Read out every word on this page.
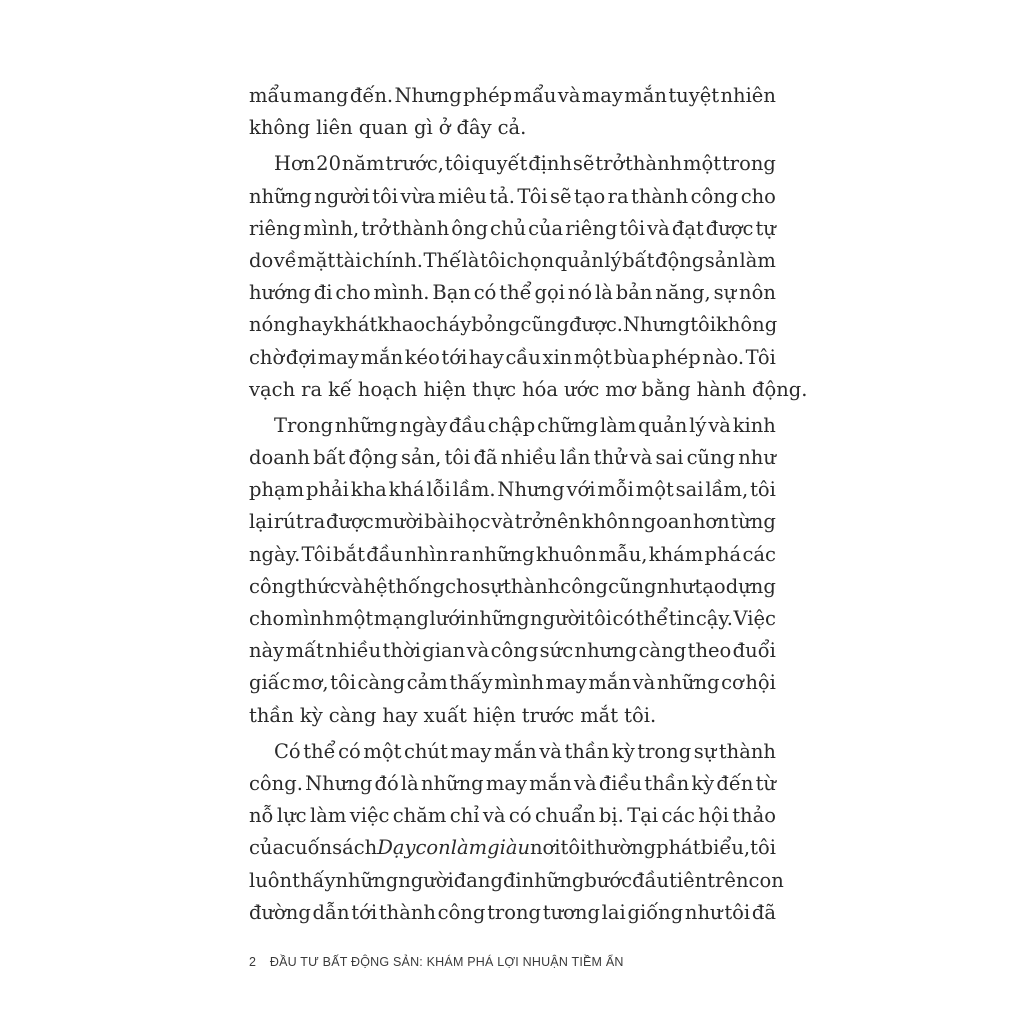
mẩu mang đến. Nhưng phép mẩu và may mắn tuyệt nhiên
không liên quan gì ở đây cả.
Hơn 20 năm trước, tôi quyết định sẽ trở thành một trong
những người tôi vừa miêu tả. Tôi sẽ tạo ra thành công cho
riêng mình, trở thành ông chủ của riêng tôi và đạt được tự
do về mặt tài chính. Thế là tôi chọn quản lý bất động sản làm
hướng đi cho mình. Bạn có thể gọi nó là bản năng, sự nôn
nóng hay khát khao cháy bỏng cũng được. Nhưng tôi không
chờ đợi may mắn kéo tới hay cầu xin một bùa phép nào. Tôi
vạch ra kế hoạch hiện thực hóa ước mơ bằng hành động.
Trong những ngày đầu chập chững làm quản lý và kinh
doanh bất động sản, tôi đã nhiều lần thử và sai cũng như
phạm phải kha khá lỗi lầm. Nhưng với mỗi một sai lầm, tôi
lại rút ra được mười bài học và trở nên khôn ngoan hơn từng
ngày. Tôi bắt đầu nhìn ra những khuôn mẫu, khám phá các
công thức và hệ thống cho sự thành công cũng như tạo dựng
cho mình một mạng lưới những người tôi có thể tin cậy. Việc
này mất nhiều thời gian và công sức nhưng càng theo đuổi
giấc mơ, tôi càng cảm thấy mình may mắn và những cơ hội
thần kỳ càng hay xuất hiện trước mắt tôi.
Có thể có một chút may mắn và thần kỳ trong sự thành
công. Nhưng đó là những may mắn và điều thần kỳ đến từ
nỗ lực làm việc chăm chỉ và có chuẩn bị. Tại các hội thảo
của cuốn sách Dạy con làm giàu nơi tôi thường phát biểu, tôi
luôn thấy những người đang đi những bước đầu tiên trên con
đường dẫn tới thành công trong tương lai giống như tôi đã
2 ĐẦU TƯ BẤT ĐỘNG SẢN: KHÁM PHÁ LỢI NHUẬN TIỀM ẨN
